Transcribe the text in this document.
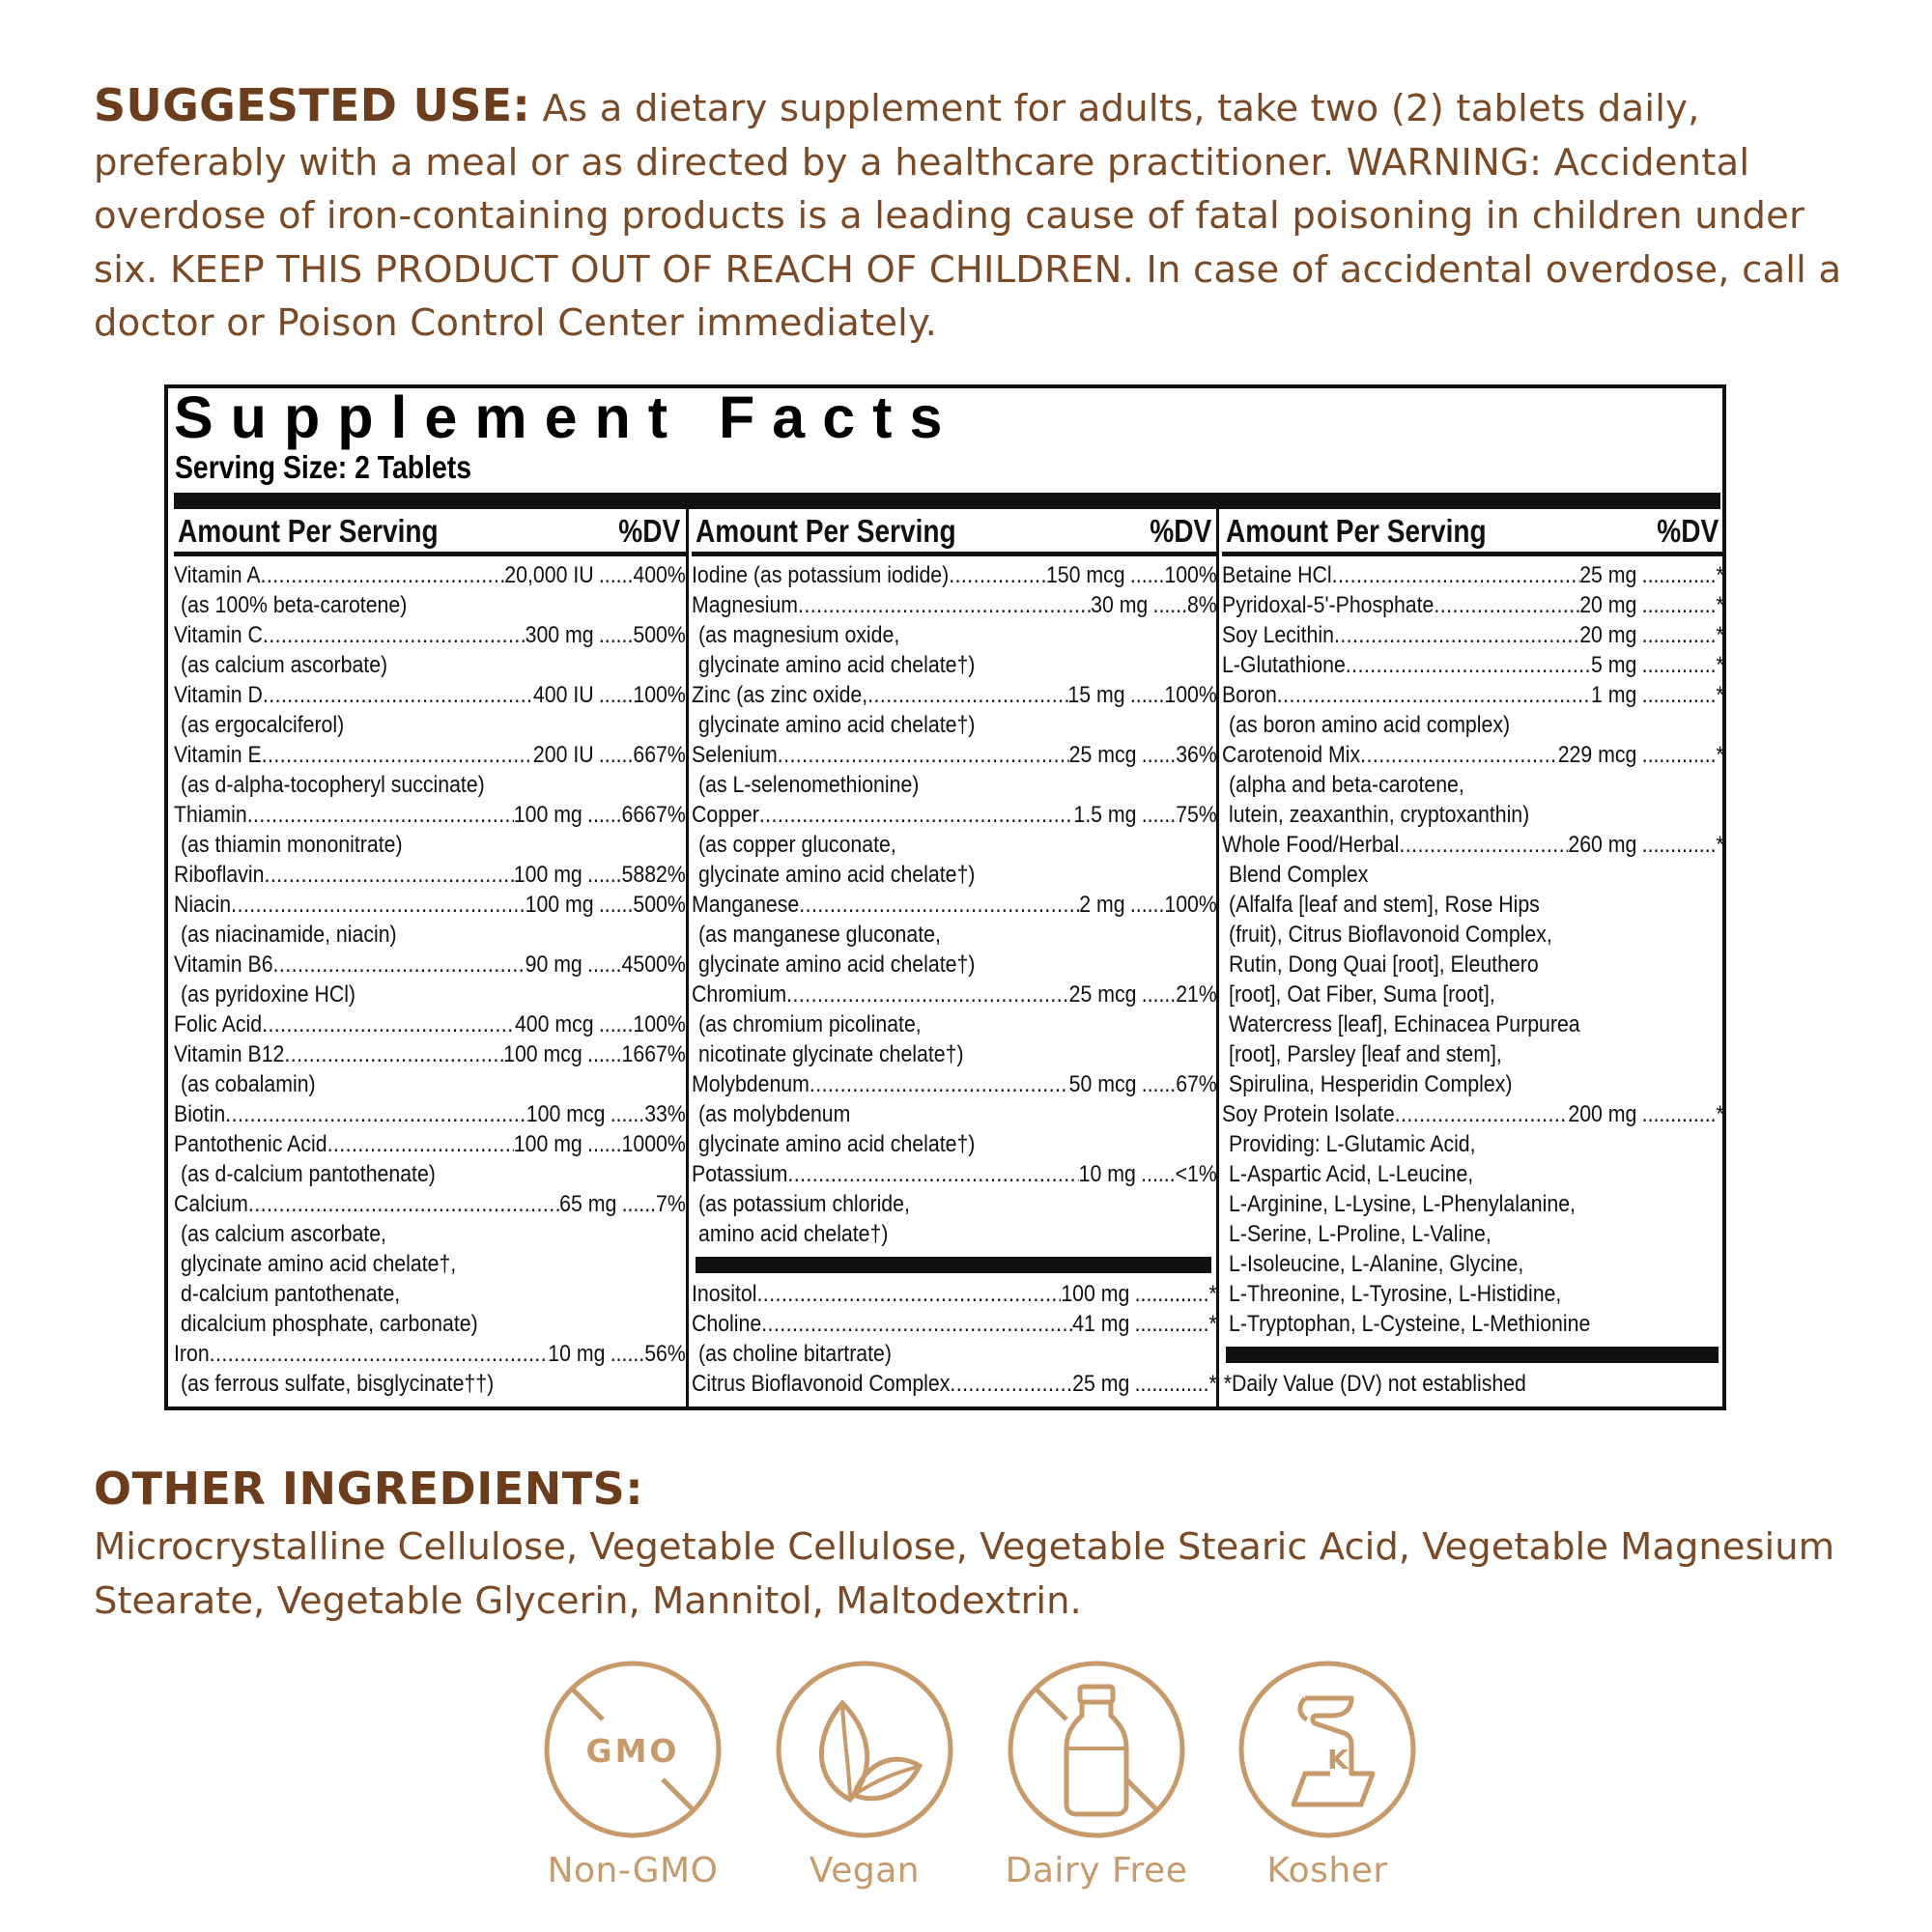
SUGGESTED USE: As a dietary supplement for adults, take two (2) tablets daily, preferably with a meal or as directed by a healthcare practitioner. WARNING: Accidental overdose of iron-containing products is a leading cause of fatal poisoning in children under six. KEEP THIS PRODUCT OUT OF REACH OF CHILDREN. In case of accidental overdose, call a doctor or Poison Control Center immediately.
Supplement Facts
Serving Size: 2 Tablets
Amount Per Serving	%DV
Vitamin A .....	20,000 IU ...... 400%
(as 100% beta-carotene)
Vitamin C .....	300 mg ...... 500%
(as calcium ascorbate)
Vitamin D .....	400 IU ...... 100%
(as ergocalciferol)
Vitamin E .....	200 IU ...... 667%
(as d-alpha-tocopheryl succinate)
Thiamin .....	100 mg ...... 6667%
(as thiamin mononitrate)
Riboflavin .....	100 mg ...... 5882%
Niacin .....	100 mg ...... 500%
(as niacinamide, niacin)
Vitamin B6 .....	90 mg ...... 4500%
(as pyridoxine HCl)
Folic Acid .....	400 mcg ...... 100%
Vitamin B12 .....	100 mcg ...... 1667%
(as cobalamin)
Biotin .....	100 mcg ...... 33%
Pantothenic Acid .....	100 mg ...... 1000%
(as d-calcium pantothenate)
Calcium .....	65 mg ...... 7%
(as calcium ascorbate,
glycinate amino acid chelate†,
d-calcium pantothenate,
dicalcium phosphate, carbonate)
Iron .....	10 mg ...... 56%
(as ferrous sulfate, bisglycinate††)
Amount Per Serving	%DV
Iodine (as potassium iodide) .....	150 mcg ...... 100%
Magnesium .....	30 mg ...... 8%
(as magnesium oxide,
glycinate amino acid chelate†)
Zinc (as zinc oxide, .....	15 mg ...... 100%
glycinate amino acid chelate†)
Selenium .....	25 mcg ...... 36%
(as L-selenomethionine)
Copper .....	1.5 mg ...... 75%
(as copper gluconate,
glycinate amino acid chelate†)
Manganese .....	2 mg ...... 100%
(as manganese gluconate,
glycinate amino acid chelate†)
Chromium .....	25 mcg ...... 21%
(as chromium picolinate,
nicotinate glycinate chelate†)
Molybdenum .....	50 mcg ...... 67%
(as molybdenum
glycinate amino acid chelate†)
Potassium .....	10 mg ...... <1%
(as potassium chloride,
amino acid chelate†)
Inositol .....	100 mg ............. *
Choline .....	41 mg ............. *
(as choline bitartrate)
Citrus Bioflavonoid Complex .....	25 mg ............. *
Amount Per Serving	%DV
Betaine HCl .....	25 mg ............. *
Pyridoxal-5'-Phosphate .....	20 mg ............. *
Soy Lecithin .....	20 mg ............. *
L-Glutathione .....	5 mg ............. *
Boron .....	1 mg ............. *
(as boron amino acid complex)
Carotenoid Mix .....	229 mcg ............. *
(alpha and beta-carotene,
lutein, zeaxanthin, cryptoxanthin)
Whole Food/Herbal .....	260 mg ............. *
Blend Complex
(Alfalfa [leaf and stem], Rose Hips
(fruit), Citrus Bioflavonoid Complex,
Rutin, Dong Quai [root], Eleuthero
[root], Oat Fiber, Suma [root],
Watercress [leaf], Echinacea Purpurea
[root], Parsley [leaf and stem],
Spirulina, Hesperidin Complex)
Soy Protein Isolate .....	200 mg ............. *
Providing: L-Glutamic Acid,
L-Aspartic Acid, L-Leucine,
L-Arginine, L-Lysine, L-Phenylalanine,
L-Serine, L-Proline, L-Valine,
L-Isoleucine, L-Alanine, Glycine,
L-Threonine, L-Tyrosine, L-Histidine,
L-Tryptophan, L-Cysteine, L-Methionine
*Daily Value (DV) not established
OTHER INGREDIENTS:
Microcrystalline Cellulose, Vegetable Cellulose, Vegetable Stearic Acid, Vegetable Magnesium Stearate, Vegetable Glycerin, Mannitol, Maltodextrin.
GMO
Non-GMO	Vegan	Dairy Free
K
Kosher
